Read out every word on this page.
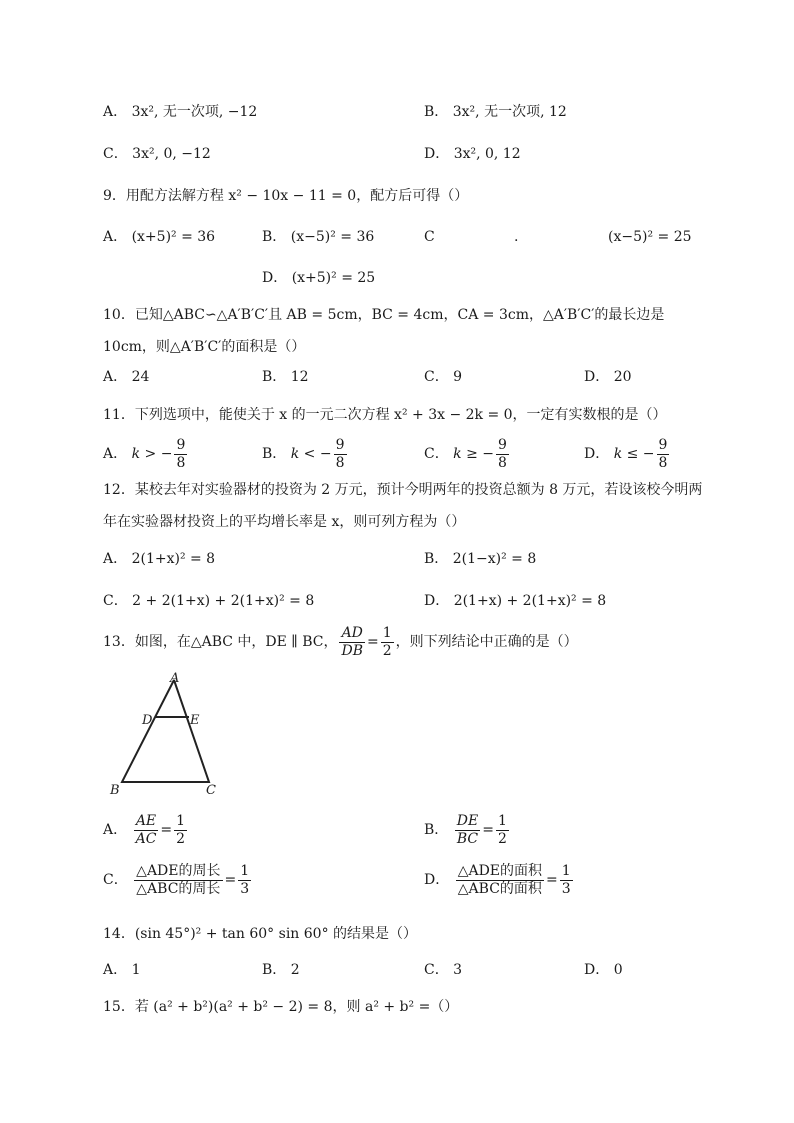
A． 3x², 无一次项, −12	B． 3x², 无一次项, 12
C． 3x², 0, −12	D． 3x², 0, 12
9．用配方法解方程 x² − 10x − 11 = 0，配方后可得（）
A． (x+5)² = 36	B． (x−5)² = 36	C	.	(x−5)² = 25
D． (x+5)² = 25
10．已知△ABC∽△A′B′C′且 AB = 5cm，BC = 4cm，CA = 3cm，△A′B′C′的最长边是
10cm，则△A′B′C′的面积是（）
A． 24	B． 12	C． 9	D． 20
11．下列选项中，能使关于 x 的一元二次方程 x² + 3x − 2k = 0，一定有实数根的是（）
A． k > − $\frac{9}{8}$	B． k < − $\frac{9}{8}$	C． k ≥ − $\frac{9}{8}$	D． k ≤ − $\frac{9}{8}$
12．某校去年对实验器材的投资为 2 万元，预计今明两年的投资总额为 8 万元，若设该校今明两
年在实验器材投资上的平均增长率是 x，则可列方程为（）
A． 2(1+x)² = 8	B． 2(1−x)² = 8
C． 2 + 2(1+x) + 2(1+x)² = 8	D． 2(1+x) + 2(1+x)² = 8
13．如图，在△ABC 中，DE ∥ BC， $\frac{AD}{DB} = \frac{1}{2}$ ，则下列结论中正确的是（）
A
D	E
B	C
A． $\frac{AE}{AC} = \frac{1}{2}$	B． $\frac{DE}{BC} = \frac{1}{2}$
C． $\frac{\text{△ADE的周长}}{\text{△ABC的周长}} = \frac{1}{3}$	D． $\frac{\text{△ADE的面积}}{\text{△ABC的面积}} = \frac{1}{3}$
14．(sin 45°)² + tan 60° sin 60° 的结果是（）
A． 1	B． 2	C． 3	D． 0
15．若 (a² + b²)(a² + b² − 2) = 8，则 a² + b² =（）
